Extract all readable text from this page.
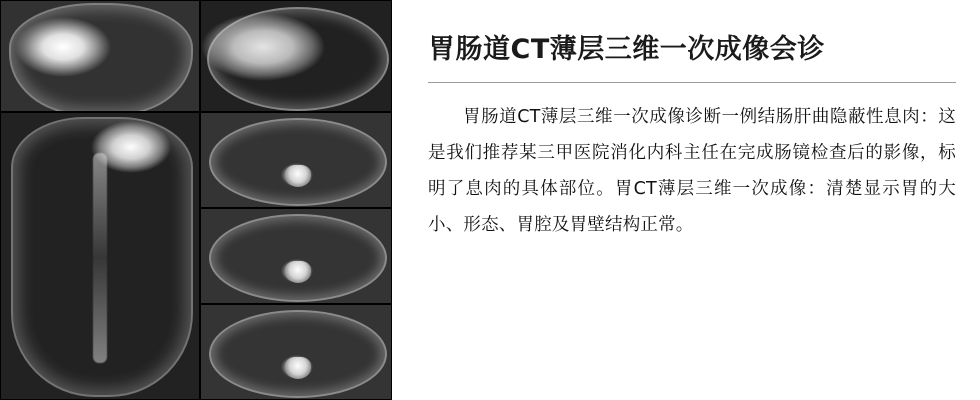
胃肠道CT薄层三维一次成像会诊
胃肠道CT薄层三维一次成像诊断一例结肠肝曲隐蔽性息肉：这是我们推荐某三甲医院消化内科主任在完成肠镜检查后的影像，标明了息肉的具体部位。胃CT薄层三维一次成像：清楚显示胃的大小、形态、胃腔及胃壁结构正常。
